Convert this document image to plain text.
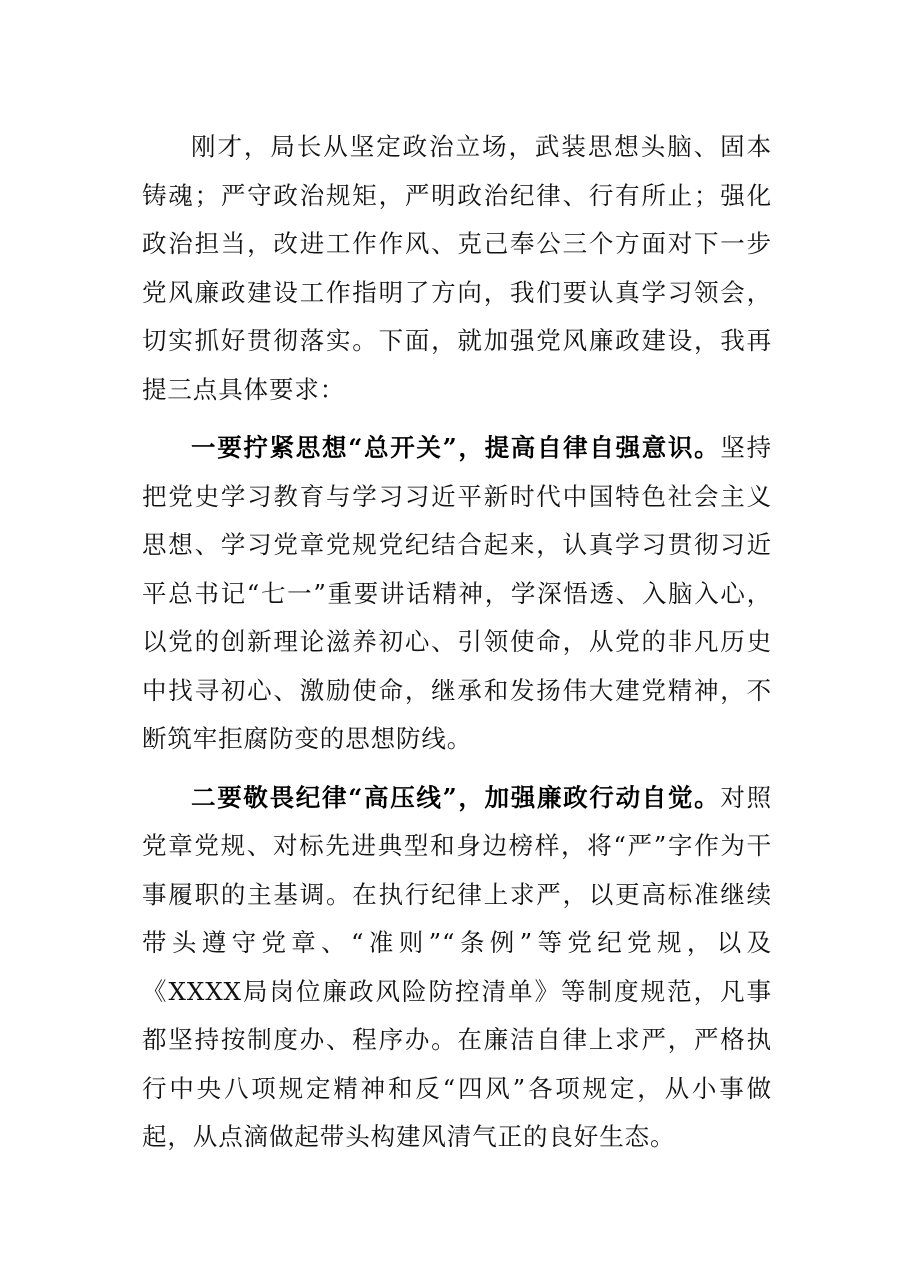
刚才，局长从坚定政治立场，武装思想头脑、固本铸魂；严守政治规矩，严明政治纪律、行有所止；强化政治担当，改进工作作风、克己奉公三个方面对下一步党风廉政建设工作指明了方向，我们要认真学习领会，切实抓好贯彻落实。下面，就加强党风廉政建设，我再提三点具体要求：

一要拧紧思想“总开关”，提高自律自强意识。坚持把党史学习教育与学习习近平新时代中国特色社会主义思想、学习党章党规党纪结合起来，认真学习贯彻习近平总书记“七一”重要讲话精神，学深悟透、入脑入心，以党的创新理论滋养初心、引领使命，从党的非凡历史中找寻初心、激励使命，继承和发扬伟大建党精神，不断筑牢拒腐防变的思想防线。

二要敬畏纪律“高压线”，加强廉政行动自觉。对照党章党规、对标先进典型和身边榜样，将“严”字作为干事履职的主基调。在执行纪律上求严，以更高标准继续带头遵守党章、“准则”“条例”等党纪党规，以及《XXXX局岗位廉政风险防控清单》等制度规范，凡事都坚持按制度办、程序办。在廉洁自律上求严，严格执行中央八项规定精神和反“四风”各项规定，从小事做起，从点滴做起带头构建风清气正的良好生态。
